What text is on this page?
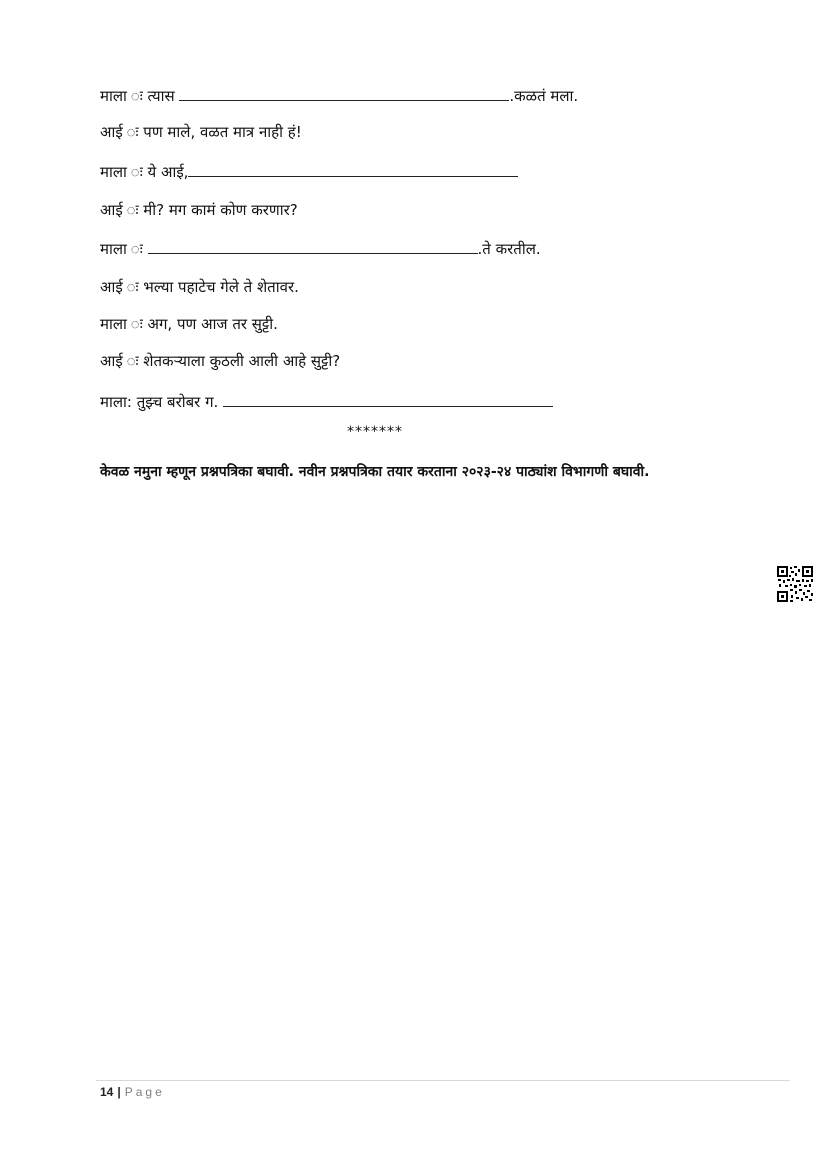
माला ः त्यास	.कळतं मला.
आई ः पण माले, वळत मात्र नाही हं!
माला ः ये आई,
आई ः मी? मग कामं कोण करणार?
माला ः	.ते करतील.
आई ः भल्या पहाटेच गेले ते शेतावर.
माला ः अग, पण आज तर सुट्टी.
आई ः शेतकऱ्याला कुठली आली आहे सुट्टी?
माला: तुझ्च बरोबर ग.
*******
केवळ नमुना म्हणून प्रश्नपत्रिका बघावी. नवीन प्रश्नपत्रिका तयार करताना २०२३-२४ पाठ्यांश विभागणी बघावी.
14 | Page
